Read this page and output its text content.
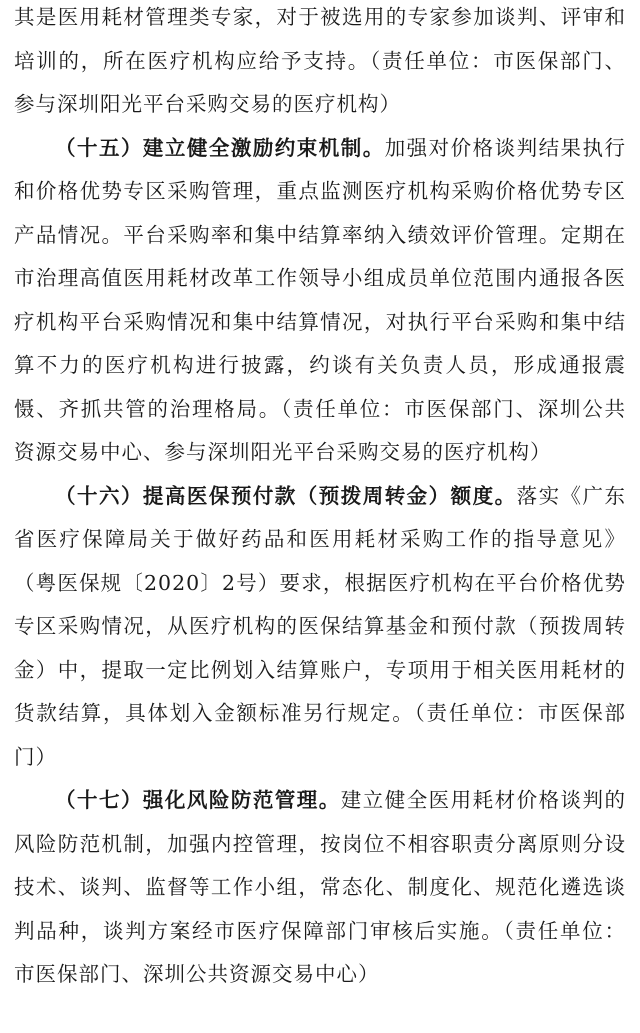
其是医用耗材管理类专家，对于被选用的专家参加谈判、评审和培训的，所在医疗机构应给予支持。（责任单位：市医保部门、参与深圳阳光平台采购交易的医疗机构）

（十五）建立健全激励约束机制。加强对价格谈判结果执行和价格优势专区采购管理，重点监测医疗机构采购价格优势专区产品情况。平台采购率和集中结算率纳入绩效评价管理。定期在市治理高值医用耗材改革工作领导小组成员单位范围内通报各医疗机构平台采购情况和集中结算情况，对执行平台采购和集中结算不力的医疗机构进行披露，约谈有关负责人员，形成通报震慑、齐抓共管的治理格局。（责任单位：市医保部门、深圳公共资源交易中心、参与深圳阳光平台采购交易的医疗机构）

（十六）提高医保预付款（预拨周转金）额度。落实《广东省医疗保障局关于做好药品和医用耗材采购工作的指导意见》（粤医保规〔2020〕2号）要求，根据医疗机构在平台价格优势专区采购情况，从医疗机构的医保结算基金和预付款（预拨周转金）中，提取一定比例划入结算账户，专项用于相关医用耗材的货款结算，具体划入金额标准另行规定。（责任单位：市医保部门）

（十七）强化风险防范管理。建立健全医用耗材价格谈判的风险防范机制，加强内控管理，按岗位不相容职责分离原则分设技术、谈判、监督等工作小组，常态化、制度化、规范化遴选谈判品种，谈判方案经市医疗保障部门审核后实施。（责任单位：市医保部门、深圳公共资源交易中心）
